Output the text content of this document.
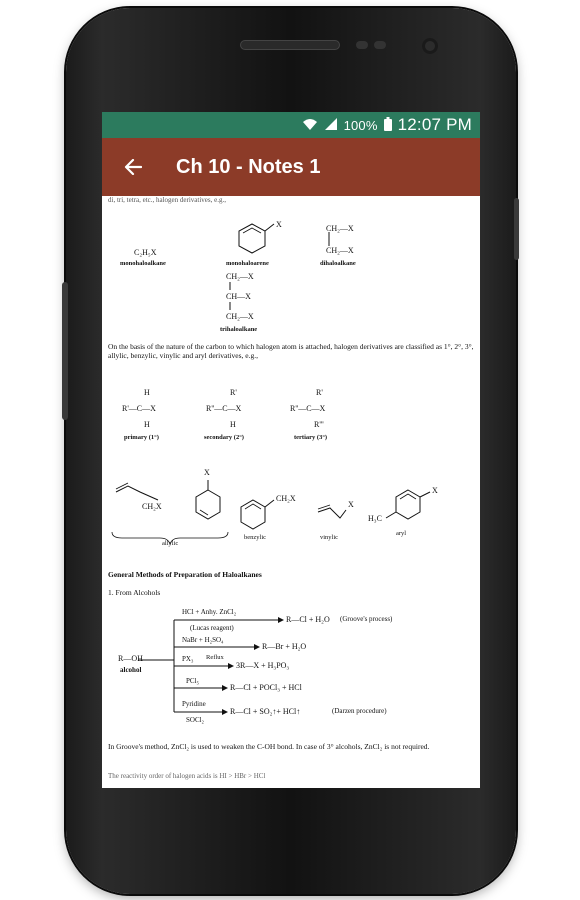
100% 12:07 PM
Ch 10 - Notes 1
di, tri, tetra, etc., halogen derivatives, e.g.,
C₂H₅X
monohaloalkane
X
monohaloarene
CH₂—X
CH₂—X
dihaloalkane
CH₂—X
CH—X
CH₂—X
trihaloalkane
On the basis of the nature of the carbon to which halogen atom is attached, halogen derivatives are classified as 1°, 2°, 3°, allylic, benzylic, vinylic and aryl derivatives, e.g.,
H
R'—C—X
H
primary (1°)
R'
R''—C—X
H
secondary (2°)
R'
R''—C—X
R'''
tertiary (3°)
CH₂X
X
allylic
CH₂X
benzylic
X
vinylic
X
H₃C
aryl
General Methods of Preparation of Haloalkanes
1. From Alcohols
HCl + Anhy. ZnCl₂
(Lucas reagent)
R—Cl + H₂O (Groove's process)
NaBr + H₂SO₄
R—Br + H₂O
PX₃ Reflux
3R—X + H₃PO₃
R—OH
alcohol
PCl₅
R—Cl + POCl₃ + HCl
Pyridine
SOCl₂
R—Cl + SO₂↑+ HCl↑	(Darzen procedure)
In Groove's method, ZnCl₂ is used to weaken the C-OH bond. In case of 3° alcohols, ZnCl₂ is not required.
The reactivity order of halogen acids is HI > HBr > HCl
